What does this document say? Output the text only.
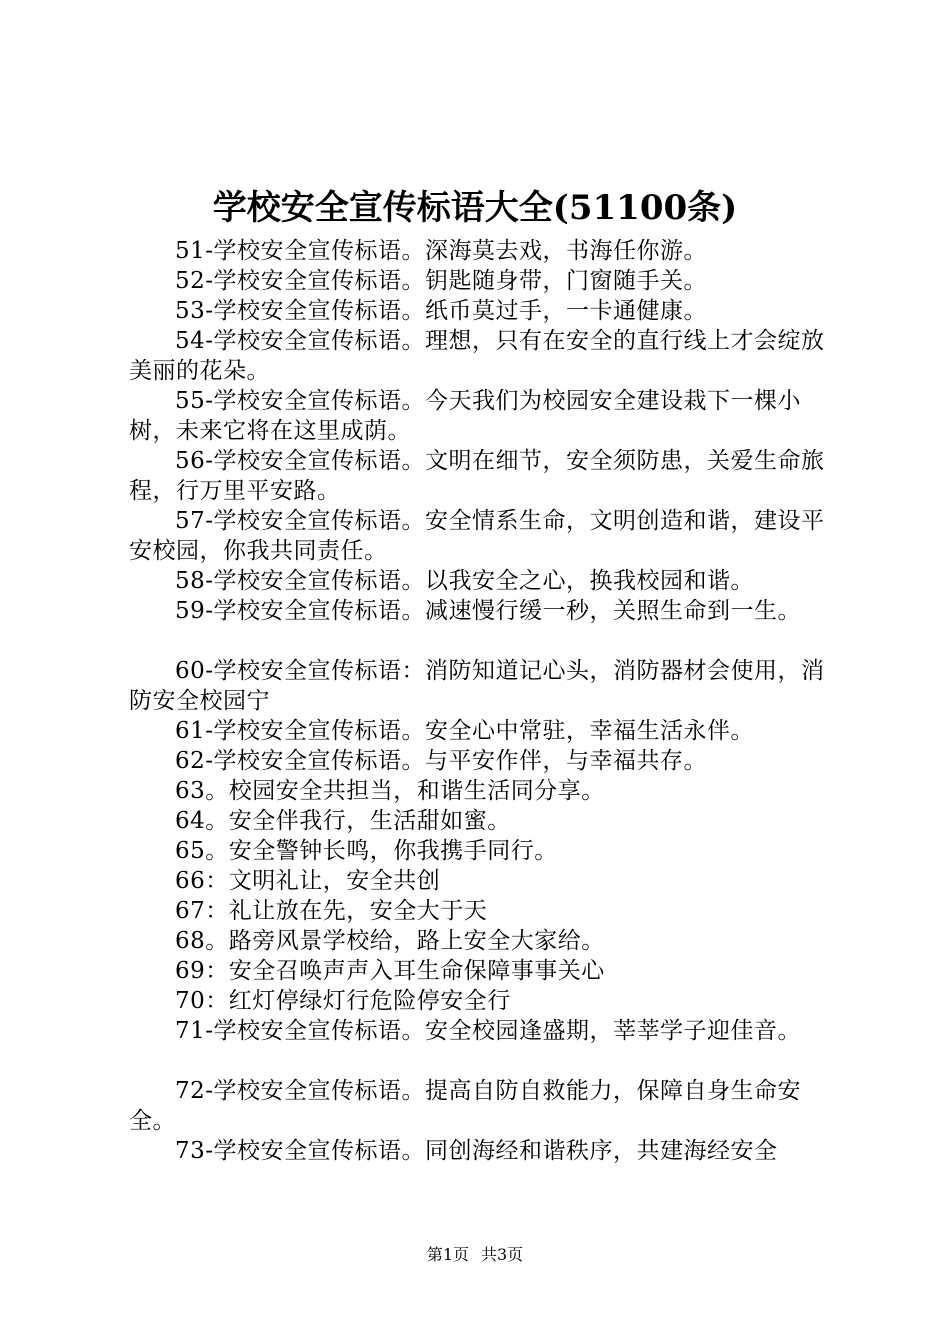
学校安全宣传标语大全(51100条)

51-学校安全宣传标语。深海莫去戏，书海任你游。

52-学校安全宣传标语。钥匙随身带，门窗随手关。

53-学校安全宣传标语。纸币莫过手，一卡通健康。

54-学校安全宣传标语。理想，只有在安全的直行线上才会绽放美丽的花朵。

55-学校安全宣传标语。今天我们为校园安全建设栽下一棵小树，未来它将在这里成荫。

56-学校安全宣传标语。文明在细节，安全须防患，关爱生命旅程，行万里平安路。

57-学校安全宣传标语。安全情系生命，文明创造和谐，建设平安校园，你我共同责任。

58-学校安全宣传标语。以我安全之心，换我校园和谐。

59-学校安全宣传标语。减速慢行缓一秒，关照生命到一生。

60-学校安全宣传标语：消防知道记心头，消防器材会使用，消防安全校园宁

61-学校安全宣传标语。安全心中常驻，幸福生活永伴。

62-学校安全宣传标语。与平安作伴，与幸福共存。

63。校园安全共担当，和谐生活同分享。

64。安全伴我行，生活甜如蜜。

65。安全警钟长鸣，你我携手同行。

66：文明礼让，安全共创

67：礼让放在先，安全大于天

68。路旁风景学校给，路上安全大家给。

69：安全召唤声声入耳生命保障事事关心

70：红灯停绿灯行危险停安全行

71-学校安全宣传标语。安全校园逢盛期，莘莘学子迎佳音。

72-学校安全宣传标语。提高自防自救能力，保障自身生命安全。

73-学校安全宣传标语。同创海经和谐秩序，共建海经安全

第1页 共3页
